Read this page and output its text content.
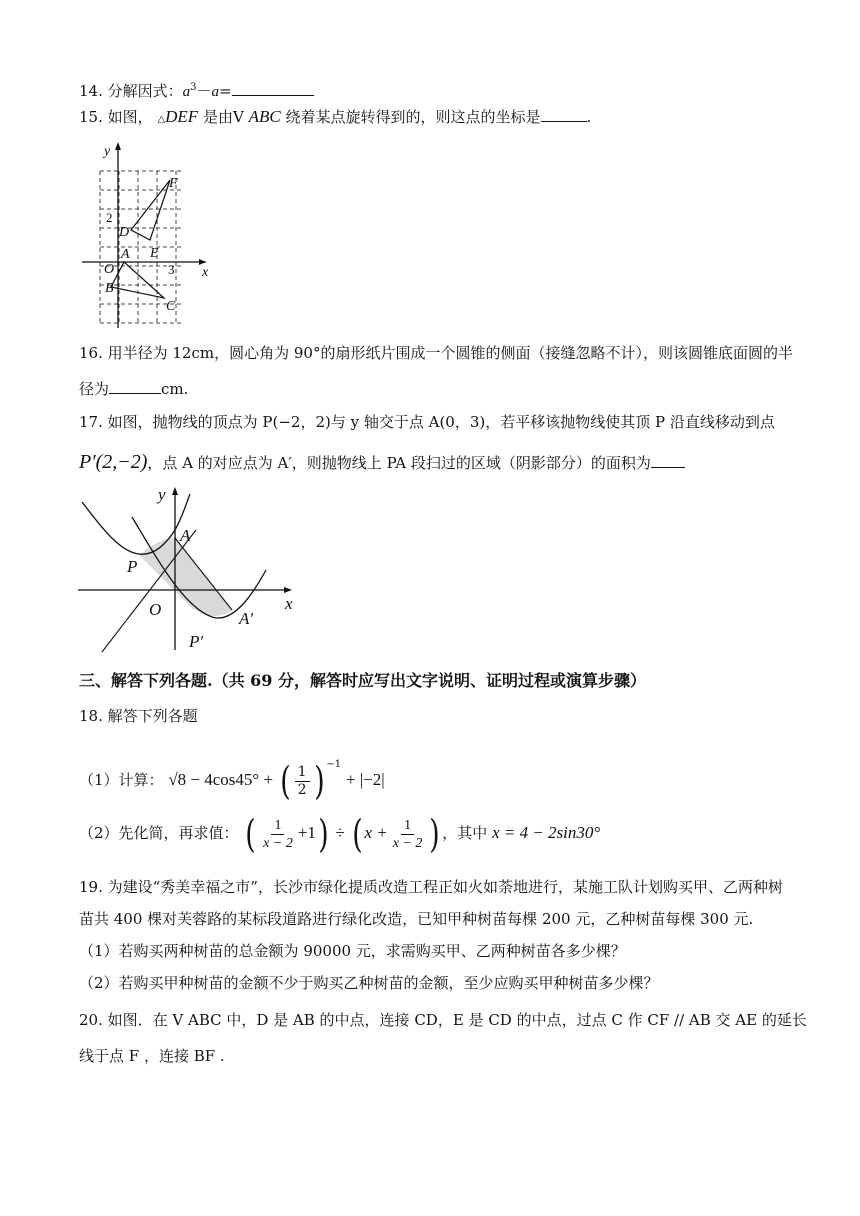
14. 分解因式：$a^3-a=$
15. 如图， △DEF 是由V ABC 绕着某点旋转得到的，则这点的坐标是	.
y
x
O
A
B
C
D
E
F
2
3
16. 用半径为 12cm，圆心角为 90°的扇形纸片围成一个圆锥的侧面（接缝忽略不计），则该圆锥底面圆的半
径为	cm.
17. 如图，抛物线的顶点为 P(−2，2)与 y 轴交于点 A(0，3)，若平移该抛物线使其顶 P 沿直线移动到点
P′(2,−2)，点 A 的对应点为 A′，则抛物线上 PA 段扫过的区域（阴影部分）的面积为
y
x
O
A
P
A′
P′
三、解答下列各题.（共 69 分，解答时应写出文字说明、证明过程或演算步骤）
18. 解答下列各题
（1）计算： √8 − 4cos45° + ( $\frac{1}{2}$ ) $^{-1}$ + |−2|
（2）先化简，再求值： ( $\frac{1}{x - 2} +1$) ÷ ( $x + \frac{1}{x - 2}$ ) ，其中 x = 4 − 2sin30°
19. 为建设“秀美幸福之市”，长沙市绿化提质改造工程正如火如荼地进行，某施工队计划购买甲、乙两种树
苗共 400 棵对芙蓉路的某标段道路进行绿化改造，已知甲种树苗每棵 200 元，乙种树苗每棵 300 元.
（1）若购买两种树苗的总金额为 90000 元，求需购买甲、乙两种树苗各多少棵？
（2）若购买甲种树苗的金额不少于购买乙种树苗的金额，至少应购买甲种树苗多少棵？
20. 如图．在 V ABC 中，D 是 AB 的中点，连接 CD，E 是 CD 的中点，过点 C 作 CF // AB 交 AE 的延长
线于点 F ，连接 BF .
